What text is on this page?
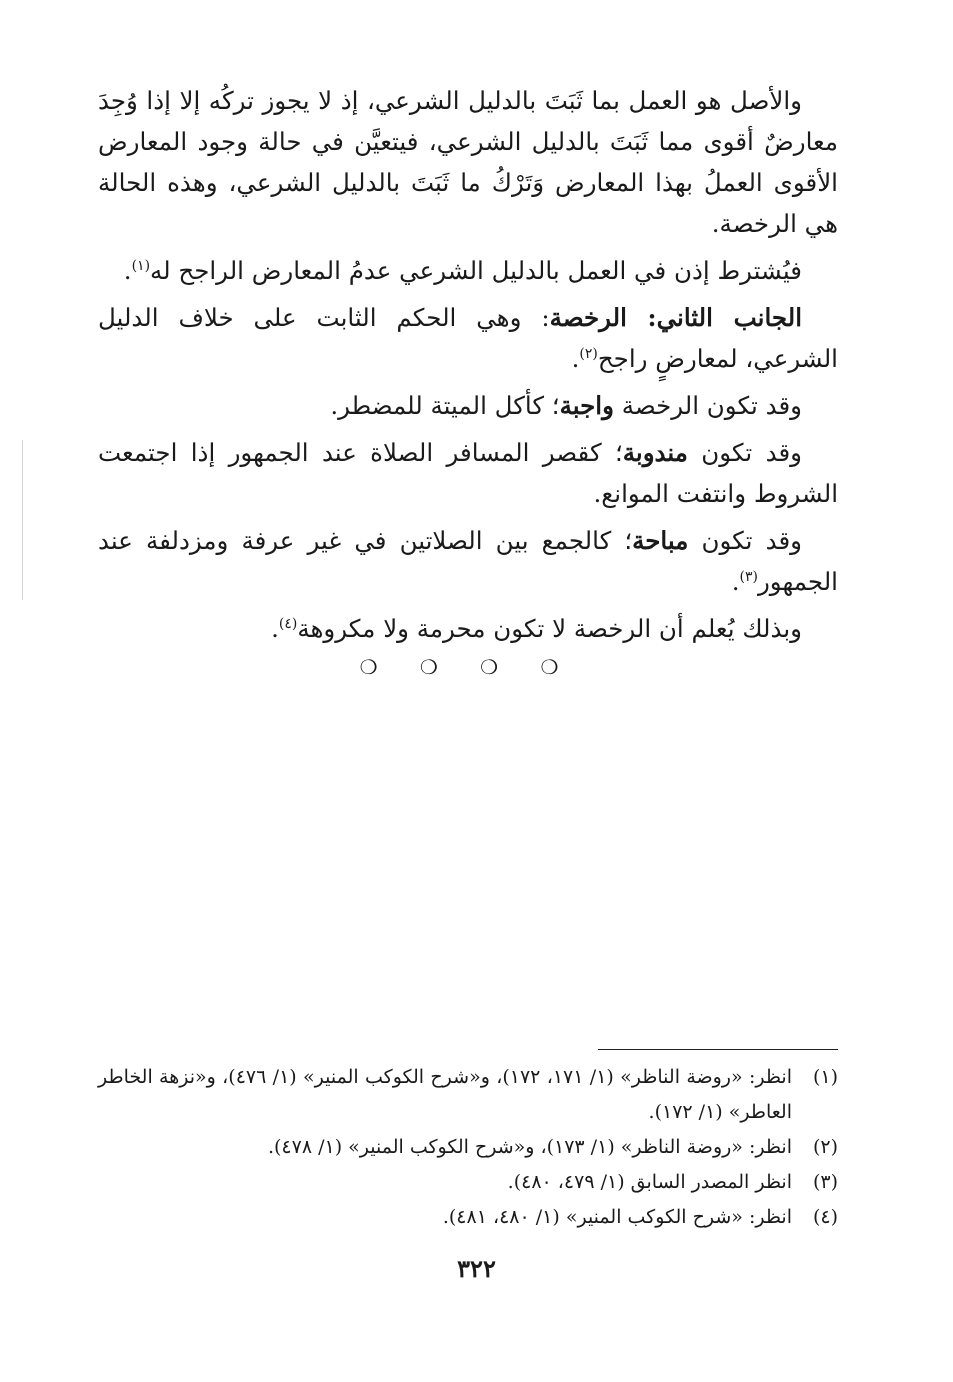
والأصل هو العمل بما ثَبَتَ بالدليل الشرعي، إذ لا يجوز تركُه إلا إذا وُجِدَ معارضٌ أقوى مما ثَبَتَ بالدليل الشرعي، فيتعيَّن في حالة وجود المعارض الأقوى العملُ بهذا المعارض وَتَرْكُ ما ثَبَتَ بالدليل الشرعي، وهذه الحالة هي الرخصة.

فيُشترط إذن في العمل بالدليل الشرعي عدمُ المعارض الراجح له$^{(١)}$.

الجانب الثاني: الرخصة: وهي الحكم الثابت على خلاف الدليل الشرعي، لمعارضٍ راجح$^{(٢)}$.

وقد تكون الرخصة واجبة؛ كأكل الميتة للمضطر.

وقد تكون مندوبة؛ كقصر المسافر الصلاة عند الجمهور إذا اجتمعت الشروط وانتفت الموانع.

وقد تكون مباحة؛ كالجمع بين الصلاتين في غير عرفة ومزدلفة عند الجمهور$^{(٣)}$.

وبذلك يُعلم أن الرخصة لا تكون محرمة ولا مكروهة$^{(٤)}$.

❍ ❍ ❍ ❍

(١)
انظر: «روضة الناظر» (١/ ١٧١، ١٧٢)، و«شرح الكوكب المنير» (١/ ٤٧٦)، و«نزهة الخاطر العاطر» (١/ ١٧٢).

(٢)
انظر: «روضة الناظر» (١/ ١٧٣)، و«شرح الكوكب المنير» (١/ ٤٧٨).

(٣)
انظر المصدر السابق (١/ ٤٧٩، ٤٨٠).

(٤)
انظر: «شرح الكوكب المنير» (١/ ٤٨٠، ٤٨١).

٣٢٢
